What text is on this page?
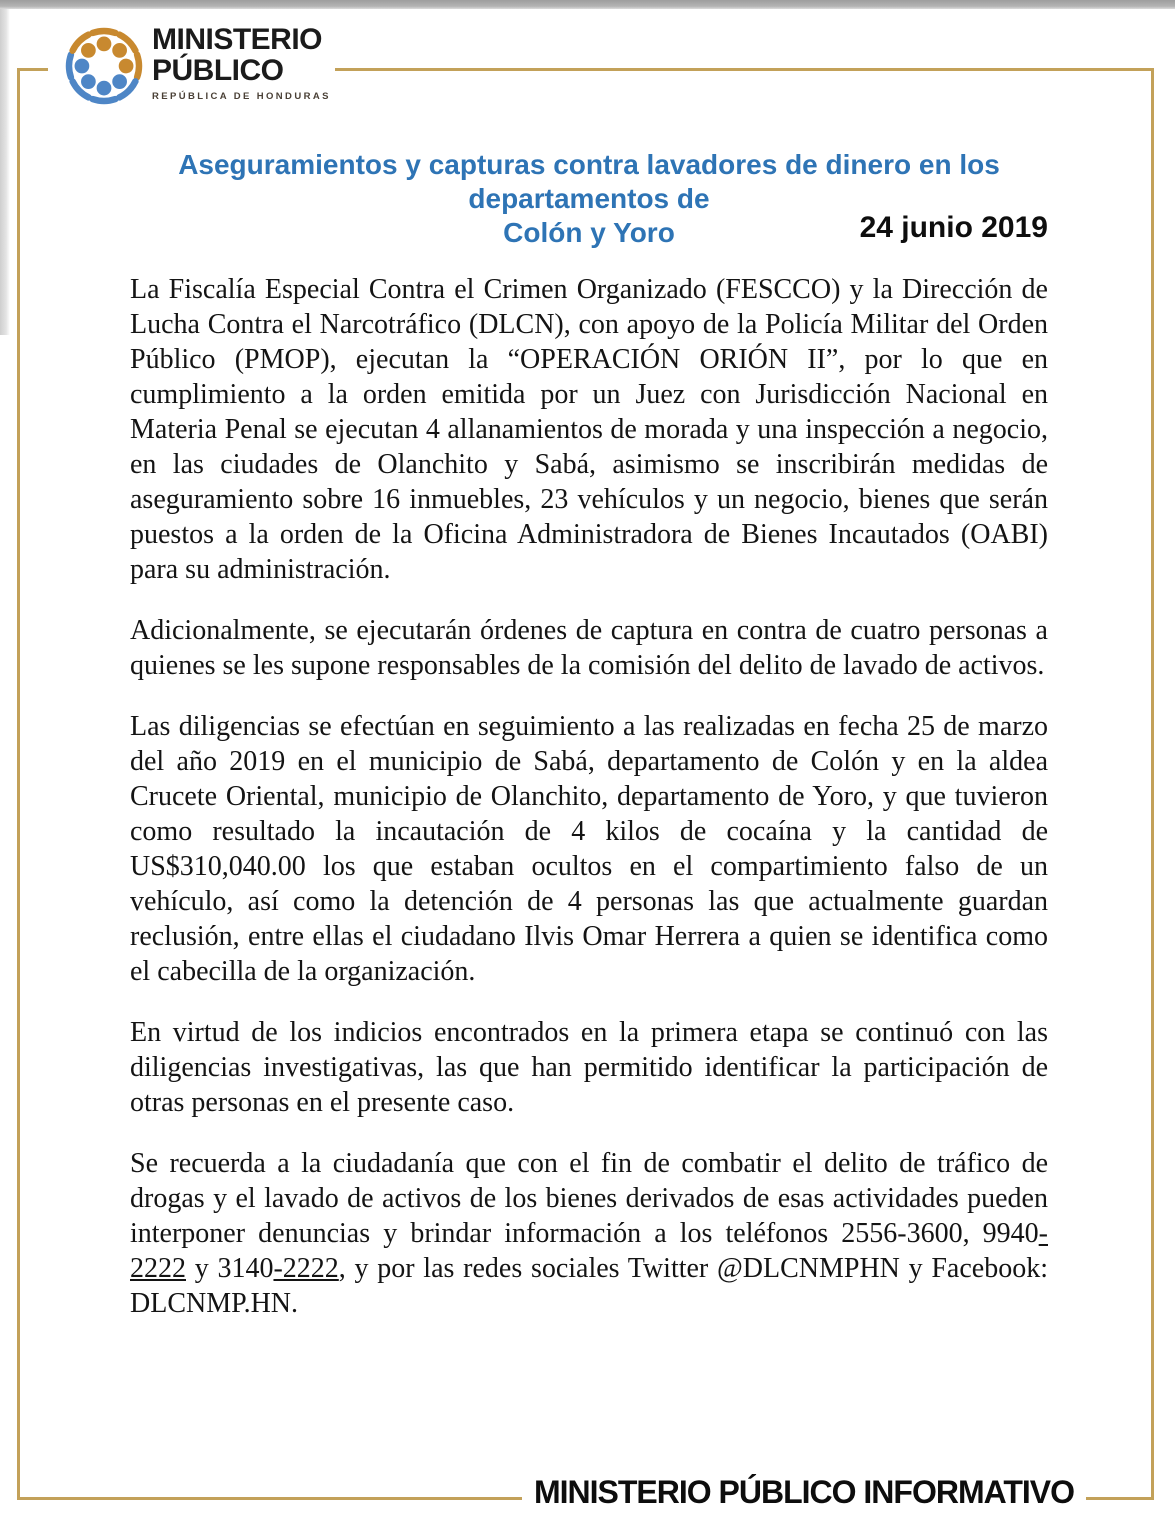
MINISTERIO
PÚBLICO
REPÚBLICA DE HONDURAS
Aseguramientos y capturas contra lavadores de dinero en los departamentos de
Colón y Yoro	24 junio 2019

La Fiscalía Especial Contra el Crimen Organizado (FESCCO) y la Dirección de Lucha Contra el Narcotráfico (DLCN), con apoyo de la Policía Militar del Orden Público (PMOP), ejecutan la “OPERACIÓN ORIÓN II”, por lo que en cumplimiento a la orden emitida por un Juez con Jurisdicción Nacional en Materia Penal se ejecutan 4 allanamientos de morada y una inspección a negocio, en las ciudades de Olanchito y Sabá, asimismo se inscribirán medidas de aseguramiento sobre 16 inmuebles, 23 vehículos y un negocio, bienes que serán puestos a la orden de la Oficina Administradora de Bienes Incautados (OABI) para su administración.

Adicionalmente, se ejecutarán órdenes de captura en contra de cuatro personas a quienes se les supone responsables de la comisión del delito de lavado de activos.

Las diligencias se efectúan en seguimiento a las realizadas en fecha 25 de marzo del año 2019 en el municipio de Sabá, departamento de Colón y en la aldea Crucete Oriental, municipio de Olanchito, departamento de Yoro, y que tuvieron como resultado la incautación de 4 kilos de cocaína y la cantidad de US$310,040.00 los que estaban ocultos en el compartimiento falso de un vehículo, así como la detención de 4 personas las que actualmente guardan reclusión, entre ellas el ciudadano Ilvis Omar Herrera a quien se identifica como el cabecilla de la organización.

En virtud de los indicios encontrados en la primera etapa se continuó con las diligencias investigativas, las que han permitido identificar la participación de otras personas en el presente caso.

Se recuerda a la ciudadanía que con el fin de combatir el delito de tráfico de drogas y el lavado de activos de los bienes derivados de esas actividades pueden interponer denuncias y brindar información a los teléfonos 2556-3600, 9940-2222 y 3140-2222, y por las redes sociales Twitter @DLCNMPHN y Facebook: DLCNMP.HN.

MINISTERIO PÚBLICO INFORMATIVO
